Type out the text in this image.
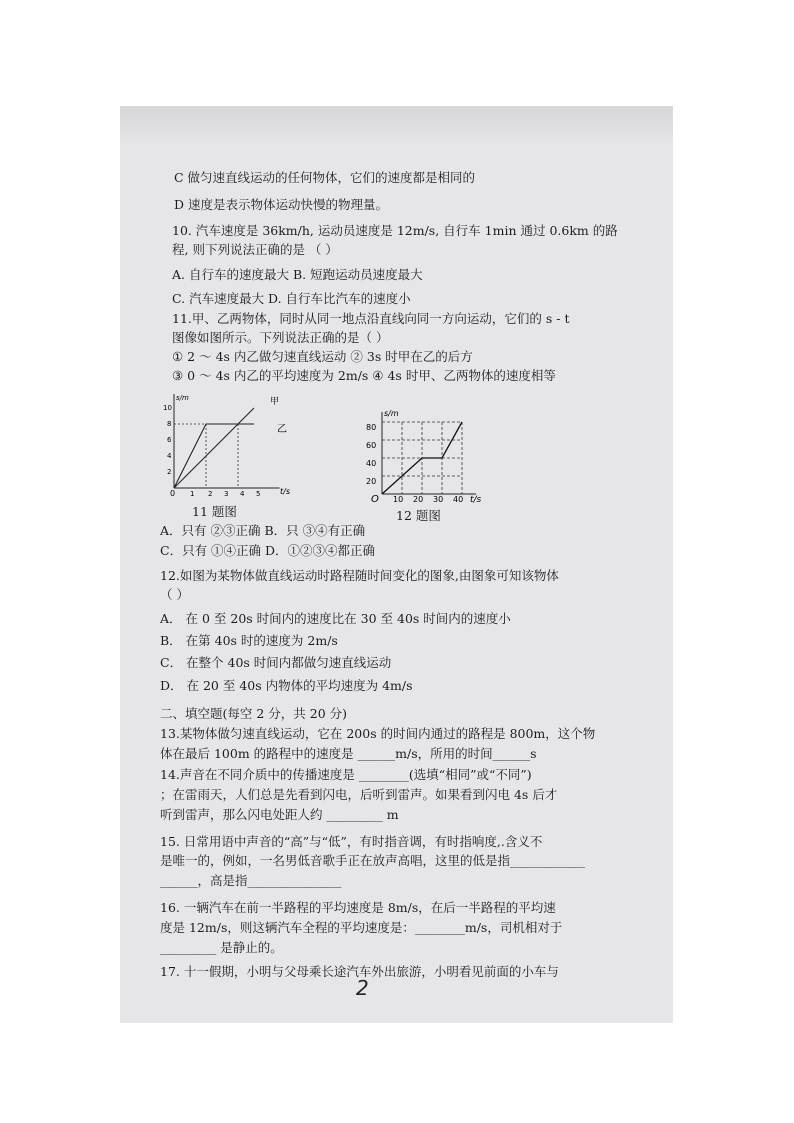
C 做匀速直线运动的任何物体，它们的速度都是相同的
D 速度是表示物体运动快慢的物理量。
10. 汽车速度是 36km/h, 运动员速度是 12m/s, 自行车 1min 通过 0.6km 的路
程, 则下列说法正确的是 （ ）
A. 自行车的速度最大 B. 短跑运动员速度最大
C. 汽车速度最大 D. 自行车比汽车的速度小
11.甲、乙两物体，同时从同一地点沿直线向同一方向运动，它们的 s - t
图像如图所示。下列说法正确的是（ ）
① 2 ～ 4s 内乙做匀速直线运动 ② 3s 时甲在乙的后方
③ 0 ～ 4s 内乙的平均速度为 2m/s ④ 4s 时甲、乙两物体的速度相等
A．只有 ②③正确 B．只 ③④有正确
C．只有 ①④正确 D．①②③④都正确
12.如图为某物体做直线运动时路程随时间变化的图象,由图象可知该物体
（ ）
A． 在 0 至 20s 时间内的速度比在 30 至 40s 时间内的速度小
B． 在第 40s 时的速度为 2m/s
C． 在整个 40s 时间内都做匀速直线运动
D． 在 20 至 40s 内物体的平均速度为 4m/s
二、填空题(每空 2 分，共 20 分)
13.某物体做匀速直线运动，它在 200s 的时间内通过的路程是 800m，这个物
体在最后 100m 的路程中的速度是 ______m/s，所用的时间______s
14.声音在不同介质中的传播速度是 ________(选填“相同”或“不同”)
；在雷雨天，人们总是先看到闪电，后听到雷声。如果看到闪电 4s 后才
听到雷声，那么闪电处距人约 _________ m
15. 日常用语中声音的“高”与“低”，有时指音调，有时指响度,.含义不
是唯一的，例如，一名男低音歌手正在放声高唱，这里的低是指____________
______，高是指_______________
16. 一辆汽车在前一半路程的平均速度是 8m/s，在后一半路程的平均速
度是 12m/s，则这辆汽车全程的平均速度是：________m/s，司机相对于
_________ 是静止的。
17. 十一假期，小明与父母乘长途汽车外出旅游，小明看见前面的小车与
s/m
t/s
0
甲
乙
2
4
6
8
10
1 2 3 4 5
11 题图
s/m
t/s
O
20
40
60
80
10 20 30 40
12 题图
2
